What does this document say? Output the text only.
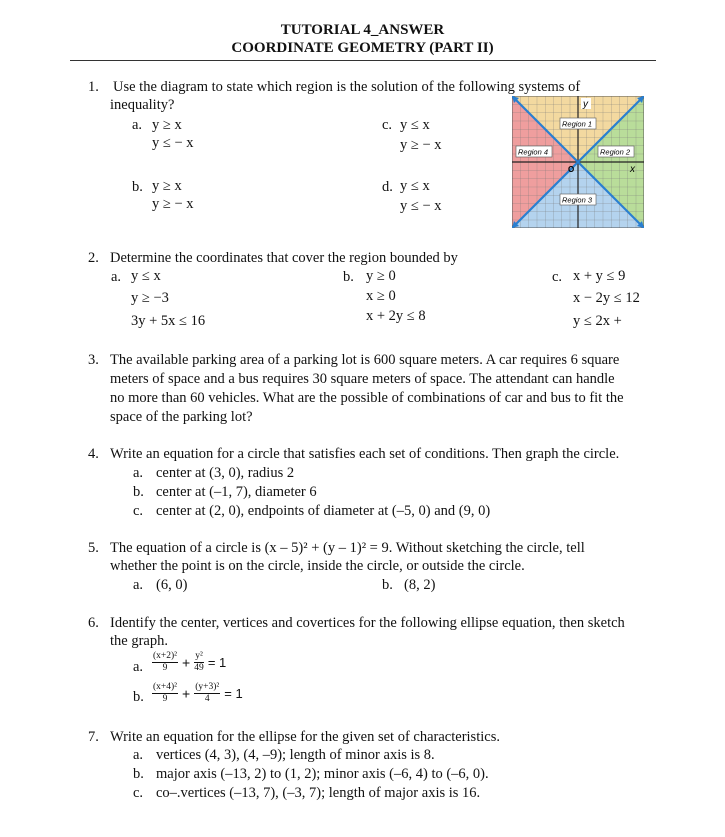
TUTORIAL 4_ANSWER
COORDINATE GEOMETRY (PART II)
1. Use the diagram to state which region is the solution of the following systems of
inequality?
a. y ≥ x
y ≤ − x
c. y ≤ x
y ≥ − x
b. y ≥ x
y ≥ − x
d. y ≤ x
y ≤ − x
y
x
O
Region 1
Region 2
Region 3
Region 4
2. Determine the coordinates that cover the region bounded by
a. y ≤ x
y ≥ −3
3y + 5x ≤ 16
b. y ≥ 0
x ≥ 0
x + 2y ≤ 8
c. x + y ≤ 9
x − 2y ≤ 12
y ≤ 2x +
3. The available parking area of a parking lot is 600 square meters. A car requires 6 square
meters of space and a bus requires 30 square meters of space. The attendant can handle
no more than 60 vehicles. What are the possible of combinations of car and bus to fit the
space of the parking lot?
4. Write an equation for a circle that satisfies each set of conditions. Then graph the circle.
a. center at (3, 0), radius 2
b. center at (–1, 7), diameter 6
c. center at (2, 0), endpoints of diameter at (–5, 0) and (9, 0)
5. The equation of a circle is (x – 5)² + (y – 1)² = 9. Without sketching the circle, tell
whether the point is on the circle, inside the circle, or outside the circle.
a. (6, 0)	b. (8, 2)
6. Identify the center, vertices and covertices for the following ellipse equation, then sketch
the graph.
a. $\frac{\text{(x+2)²}}{9} + \frac{\text{y²}}{49} = 1$
b. $\frac{\text{(x+4)²}}{9} + \frac{\text{(y+3)²}}{4} = 1$
7. Write an equation for the ellipse for the given set of characteristics.
a. vertices (4, 3), (4, –9); length of minor axis is 8.
b. major axis (–13, 2) to (1, 2); minor axis (–6, 4) to (–6, 0).
c. co–.vertices (–13, 7), (–3, 7); length of major axis is 16.
